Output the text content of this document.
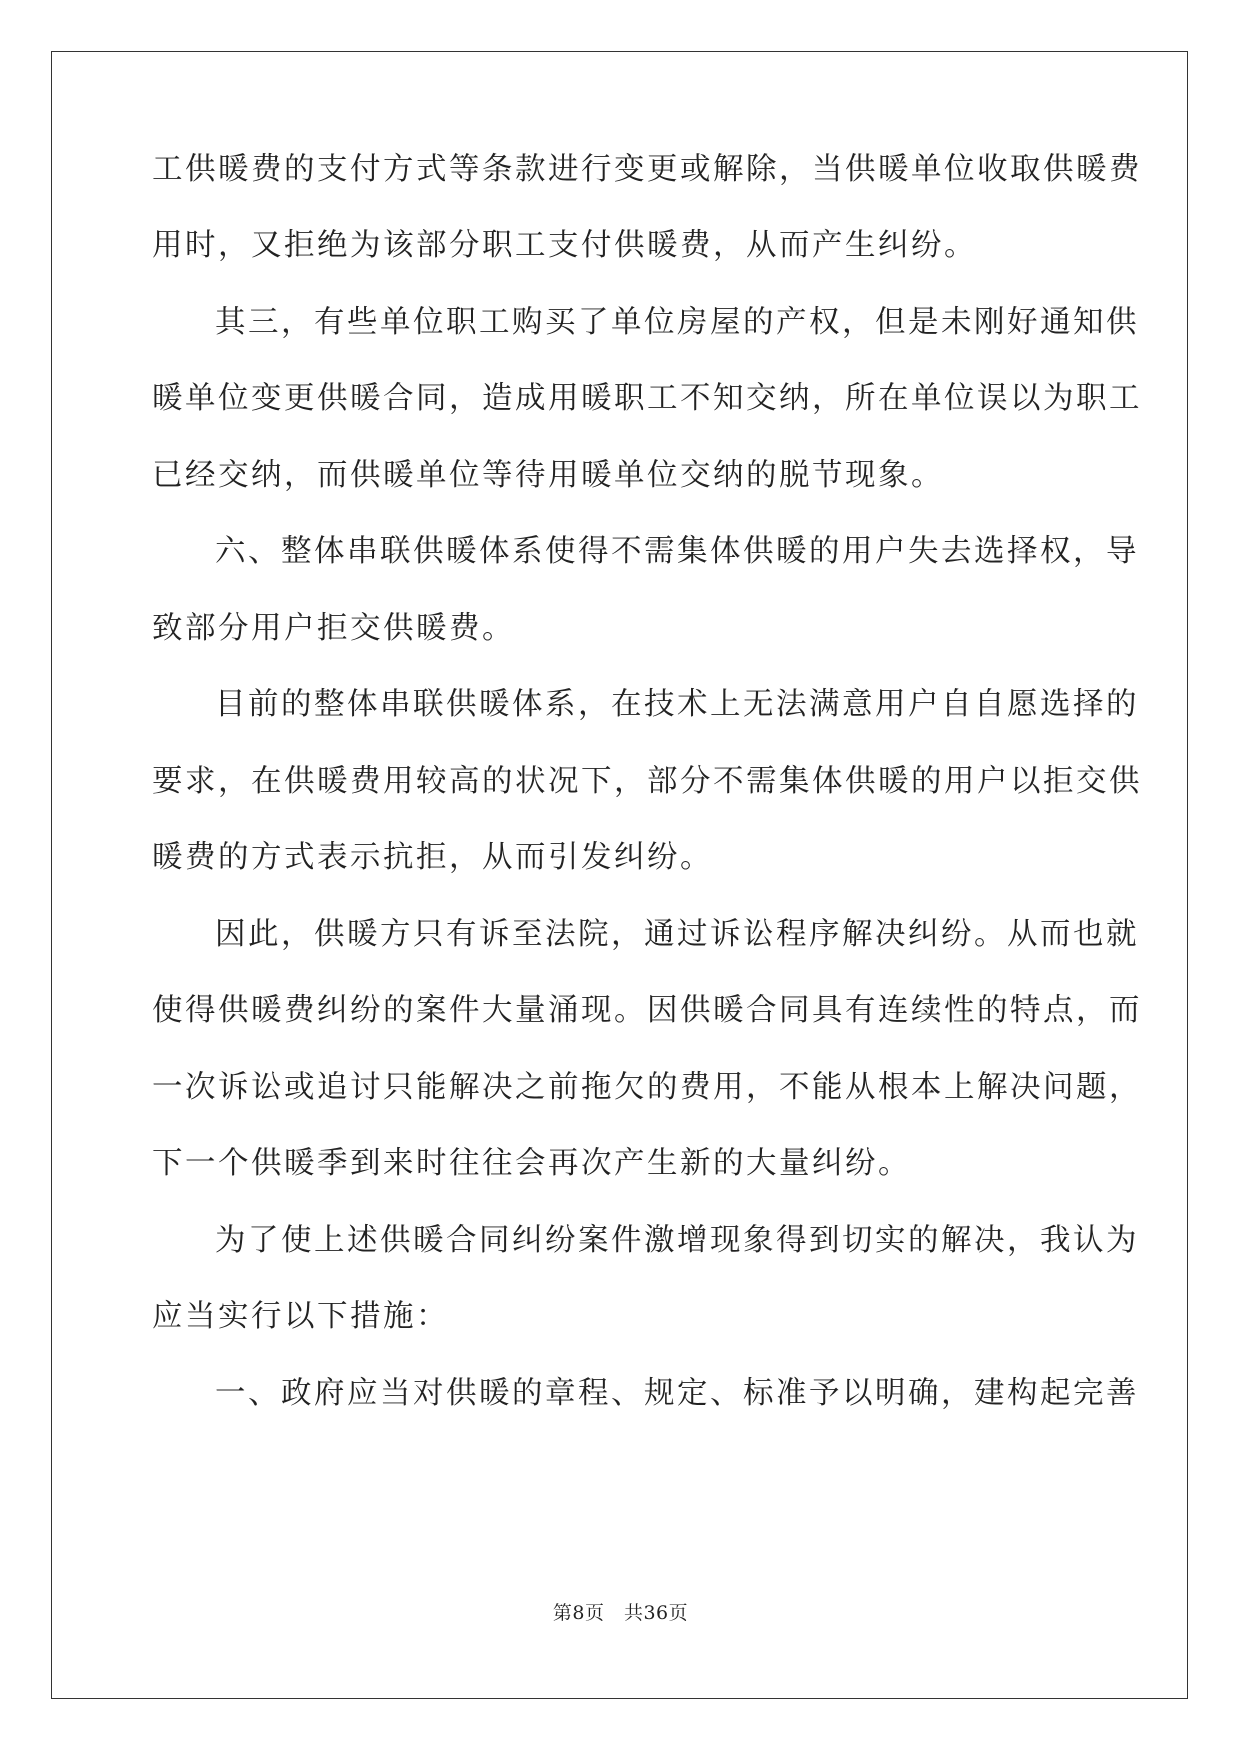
工供暖费的支付方式等条款进行变更或解除，当供暖单位收取供暖费
用时，又拒绝为该部分职工支付供暖费，从而产生纠纷。
其三，有些单位职工购买了单位房屋的产权，但是未刚好通知供
暖单位变更供暖合同，造成用暖职工不知交纳，所在单位误以为职工
已经交纳，而供暖单位等待用暖单位交纳的脱节现象。
六、整体串联供暖体系使得不需集体供暖的用户失去选择权，导
致部分用户拒交供暖费。
目前的整体串联供暖体系，在技术上无法满意用户自自愿选择的
要求，在供暖费用较高的状况下，部分不需集体供暖的用户以拒交供
暖费的方式表示抗拒，从而引发纠纷。
因此，供暖方只有诉至法院，通过诉讼程序解决纠纷。从而也就
使得供暖费纠纷的案件大量涌现。因供暖合同具有连续性的特点，而
一次诉讼或追讨只能解决之前拖欠的费用，不能从根本上解决问题，
下一个供暖季到来时往往会再次产生新的大量纠纷。
为了使上述供暖合同纠纷案件激增现象得到切实的解决，我认为
应当实行以下措施：
一、政府应当对供暖的章程、规定、标准予以明确，建构起完善
第8页　共36页
